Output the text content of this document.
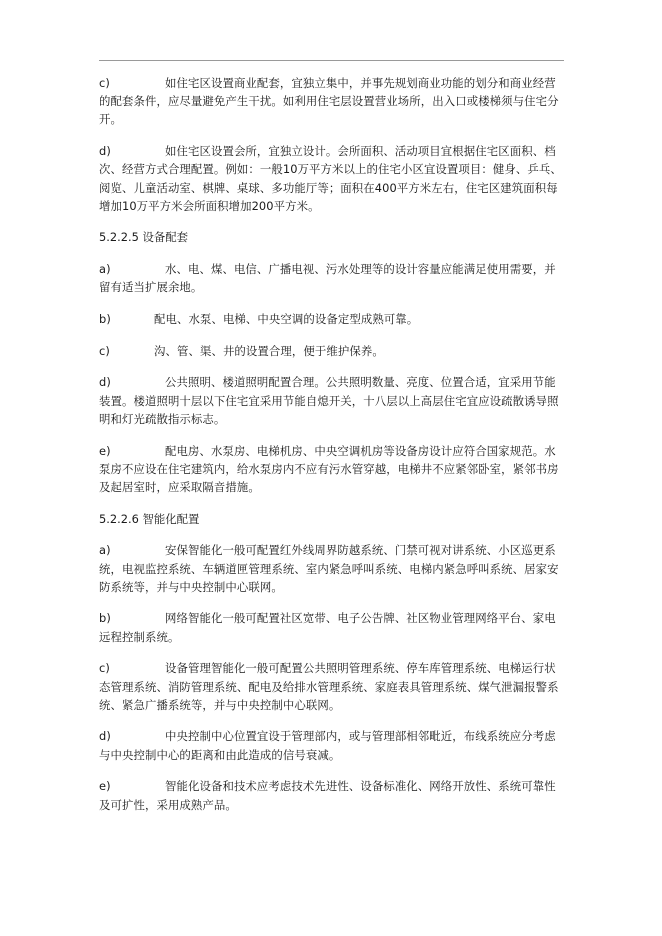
c)	如住宅区设置商业配套，宜独立集中，并事先规划商业功能的划分和商业经营的配套条件，应尽量避免产生干扰。如利用住宅层设置营业场所，出入口或楼梯须与住宅分开。

d)	如住宅区设置会所，宜独立设计。会所面积、活动项目宜根据住宅区面积、档次、经营方式合理配置。例如：一般10万平方米以上的住宅小区宜设置项目：健身、乒乓、阅览、儿童活动室、棋牌、桌球、多功能厅等；面积在400平方米左右，住宅区建筑面积每增加10万平方米会所面积增加200平方米。

5.2.2.5 设备配套

a)	水、电、煤、电信、广播电视、污水处理等的设计容量应能满足使用需要，并留有适当扩展余地。

b)	配电、水泵、电梯、中央空调的设备定型成熟可靠。

c)	沟、管、渠、井的设置合理，便于维护保养。

d)	公共照明、楼道照明配置合理。公共照明数量、亮度、位置合适，宜采用节能装置。楼道照明十层以下住宅宜采用节能自熄开关，十八层以上高层住宅宜应设疏散诱导照明和灯光疏散指示标志。

e)	配电房、水泵房、电梯机房、中央空调机房等设备房设计应符合国家规范。水泵房不应设在住宅建筑内，给水泵房内不应有污水管穿越，电梯井不应紧邻卧室，紧邻书房及起居室时，应采取隔音措施。

5.2.2.6 智能化配置

a)	安保智能化一般可配置红外线周界防越系统、门禁可视对讲系统、小区巡更系统，电视监控系统、车辆道匣管理系统、室内紧急呼叫系统、电梯内紧急呼叫系统、居家安防系统等，并与中央控制中心联网。

b)	网络智能化一般可配置社区宽带、电子公告牌、社区物业管理网络平台、家电远程控制系统。

c)	设备管理智能化一般可配置公共照明管理系统、停车库管理系统、电梯运行状态管理系统、消防管理系统、配电及给排水管理系统、家庭表具管理系统、煤气泄漏报警系统、紧急广播系统等，并与中央控制中心联网。

d)	中央控制中心位置宜设于管理部内，或与管理部相邻毗近，布线系统应分考虑与中央控制中心的距离和由此造成的信号衰减。

e)	智能化设备和技术应考虑技术先进性、设备标准化、网络开放性、系统可靠性及可扩性，采用成熟产品。
